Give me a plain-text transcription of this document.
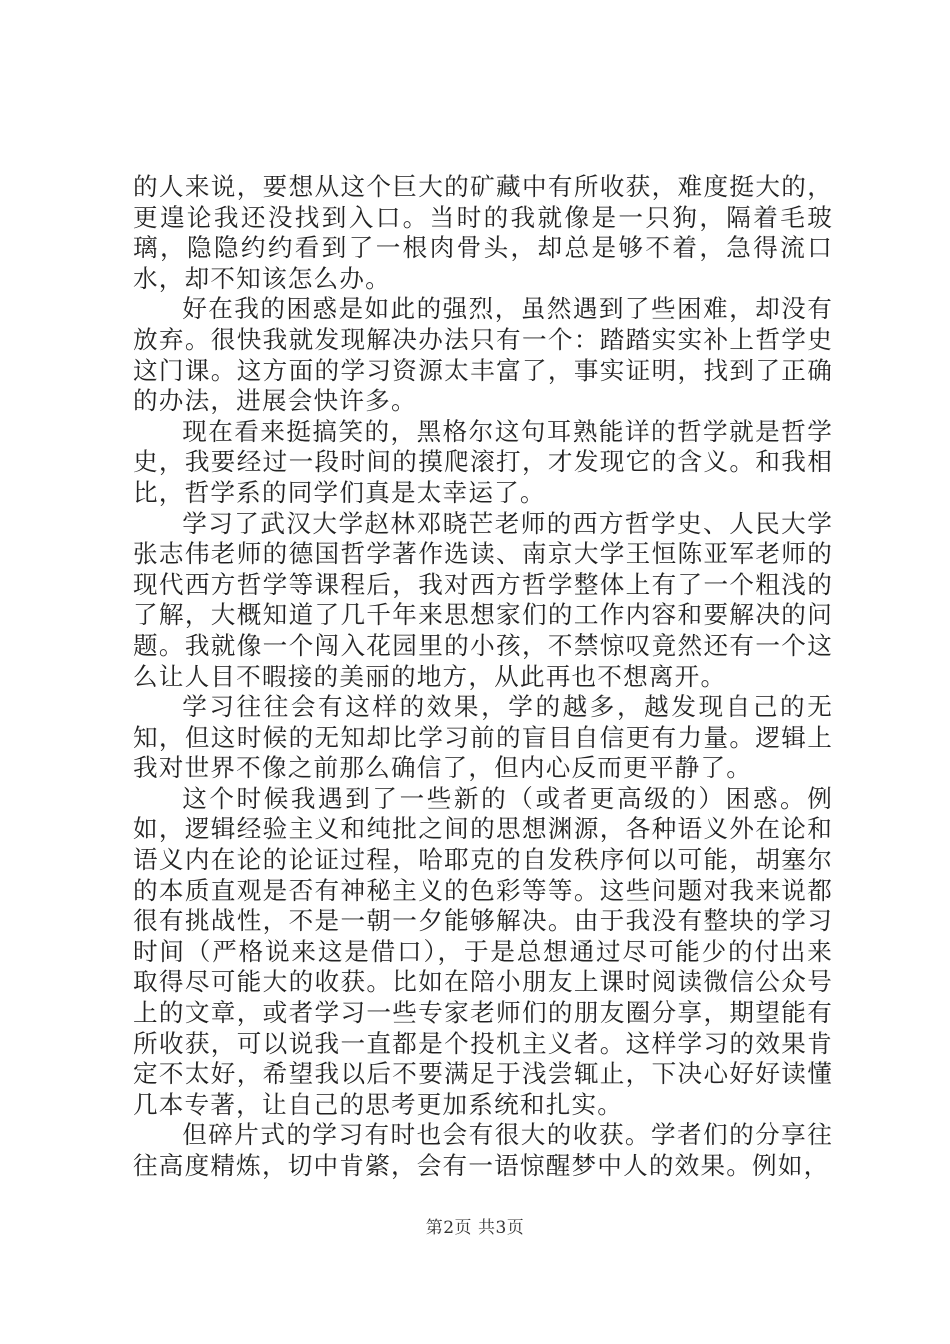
的人来说，要想从这个巨大的矿藏中有所收获，难度挺大的，更遑论我还没找到入口。当时的我就像是一只狗，隔着毛玻璃，隐隐约约看到了一根肉骨头，却总是够不着，急得流口水，却不知该怎么办。

好在我的困惑是如此的强烈，虽然遇到了些困难，却没有放弃。很快我就发现解决办法只有一个：踏踏实实补上哲学史这门课。这方面的学习资源太丰富了，事实证明，找到了正确的办法，进展会快许多。

现在看来挺搞笑的，黑格尔这句耳熟能详的哲学就是哲学史，我要经过一段时间的摸爬滚打，才发现它的含义。和我相比，哲学系的同学们真是太幸运了。

学习了武汉大学赵林邓晓芒老师的西方哲学史、人民大学张志伟老师的德国哲学著作选读、南京大学王恒陈亚军老师的现代西方哲学等课程后，我对西方哲学整体上有了一个粗浅的了解，大概知道了几千年来思想家们的工作内容和要解决的问题。我就像一个闯入花园里的小孩，不禁惊叹竟然还有一个这么让人目不暇接的美丽的地方，从此再也不想离开。

学习往往会有这样的效果，学的越多，越发现自己的无知，但这时候的无知却比学习前的盲目自信更有力量。逻辑上我对世界不像之前那么确信了，但内心反而更平静了。

这个时候我遇到了一些新的（或者更高级的）困惑。例如，逻辑经验主义和纯批之间的思想渊源，各种语义外在论和语义内在论的论证过程，哈耶克的自发秩序何以可能，胡塞尔的本质直观是否有神秘主义的色彩等等。这些问题对我来说都很有挑战性，不是一朝一夕能够解决。由于我没有整块的学习时间（严格说来这是借口），于是总想通过尽可能少的付出来取得尽可能大的收获。比如在陪小朋友上课时阅读微信公众号上的文章，或者学习一些专家老师们的朋友圈分享，期望能有所收获，可以说我一直都是个投机主义者。这样学习的效果肯定不太好，希望我以后不要满足于浅尝辄止，下决心好好读懂几本专著，让自己的思考更加系统和扎实。

但碎片式的学习有时也会有很大的收获。学者们的分享往往高度精炼，切中肯綮，会有一语惊醒梦中人的效果。例如，

第2页 共3页
